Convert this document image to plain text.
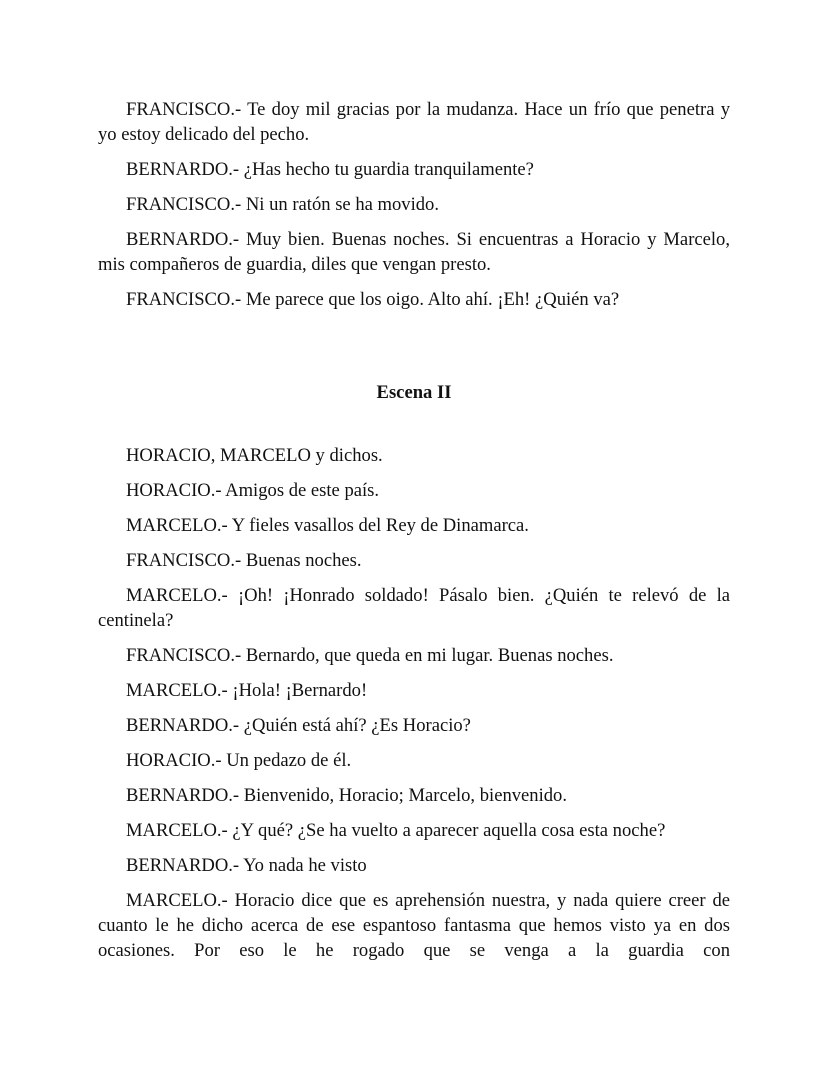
FRANCISCO.- Te doy mil gracias por la mudanza. Hace un frío que penetra y yo estoy delicado del pecho.

BERNARDO.- ¿Has hecho tu guardia tranquilamente?

FRANCISCO.- Ni un ratón se ha movido.

BERNARDO.- Muy bien. Buenas noches. Si encuentras a Horacio y Marcelo, mis compañeros de guardia, diles que vengan presto.

FRANCISCO.- Me parece que los oigo. Alto ahí. ¡Eh! ¿Quién va?

Escena II

HORACIO, MARCELO y dichos.

HORACIO.- Amigos de este país.

MARCELO.- Y fieles vasallos del Rey de Dinamarca.

FRANCISCO.- Buenas noches.

MARCELO.- ¡Oh! ¡Honrado soldado! Pásalo bien. ¿Quién te relevó de la centinela?

FRANCISCO.- Bernardo, que queda en mi lugar. Buenas noches.

MARCELO.- ¡Hola! ¡Bernardo!

BERNARDO.- ¿Quién está ahí? ¿Es Horacio?

HORACIO.- Un pedazo de él.

BERNARDO.- Bienvenido, Horacio; Marcelo, bienvenido.

MARCELO.- ¿Y qué? ¿Se ha vuelto a aparecer aquella cosa esta noche?

BERNARDO.- Yo nada he visto

MARCELO.- Horacio dice que es aprehensión nuestra, y nada quiere creer de cuanto le he dicho acerca de ese espantoso fantasma que hemos visto ya en dos ocasiones. Por eso le he rogado que se venga a la guardia con
